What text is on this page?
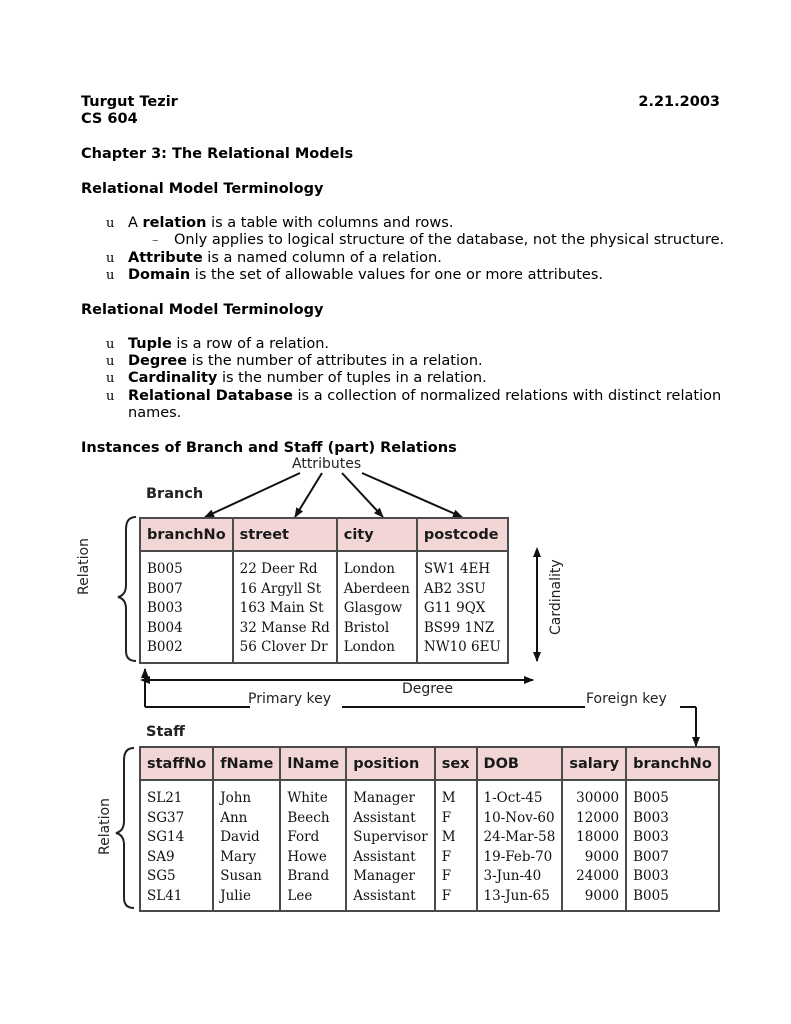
Turgut Tezir	2.21.2003
CS 604
Chapter 3: The Relational Models
Relational Model Terminology
u A relation is a table with columns and rows.
– Only applies to logical structure of the database, not the physical structure.
u Attribute is a named column of a relation.
u Domain is the set of allowable values for one or more attributes.
Relational Model Terminology
u Tuple is a row of a relation.
u Degree is the number of attributes in a relation.
u Cardinality is the number of tuples in a relation.
u Relational Database is a collection of normalized relations with distinct relation
names.
Instances of Branch and Staff (part) Relations
Attributes
Branch
Relation	Cardinality
Degree
Primary key	Foreign key
Staff
Relation
branchNo	street	city	postcode
B005	22 Deer Rd	London	SW1 4EH
B007	16 Argyll St	Aberdeen	AB2 3SU
B003	163 Main St	Glasgow	G11 9QX
B004	32 Manse Rd	Bristol	BS99 1NZ
B002	56 Clover Dr	London	NW10 6EU
staffNo	fName	lName	position	sex	DOB	salary	branchNo
SL21	John	White	Manager	M	1-Oct-45	30000	B005
SG37	Ann	Beech	Assistant	F	10-Nov-60	12000	B003
SG14	David	Ford	Supervisor	M	24-Mar-58	18000	B003
SA9	Mary	Howe	Assistant	F	19-Feb-70	9000	B007
SG5	Susan	Brand	Manager	F	3-Jun-40	24000	B003
SL41	Julie	Lee	Assistant	F	13-Jun-65	9000	B005
